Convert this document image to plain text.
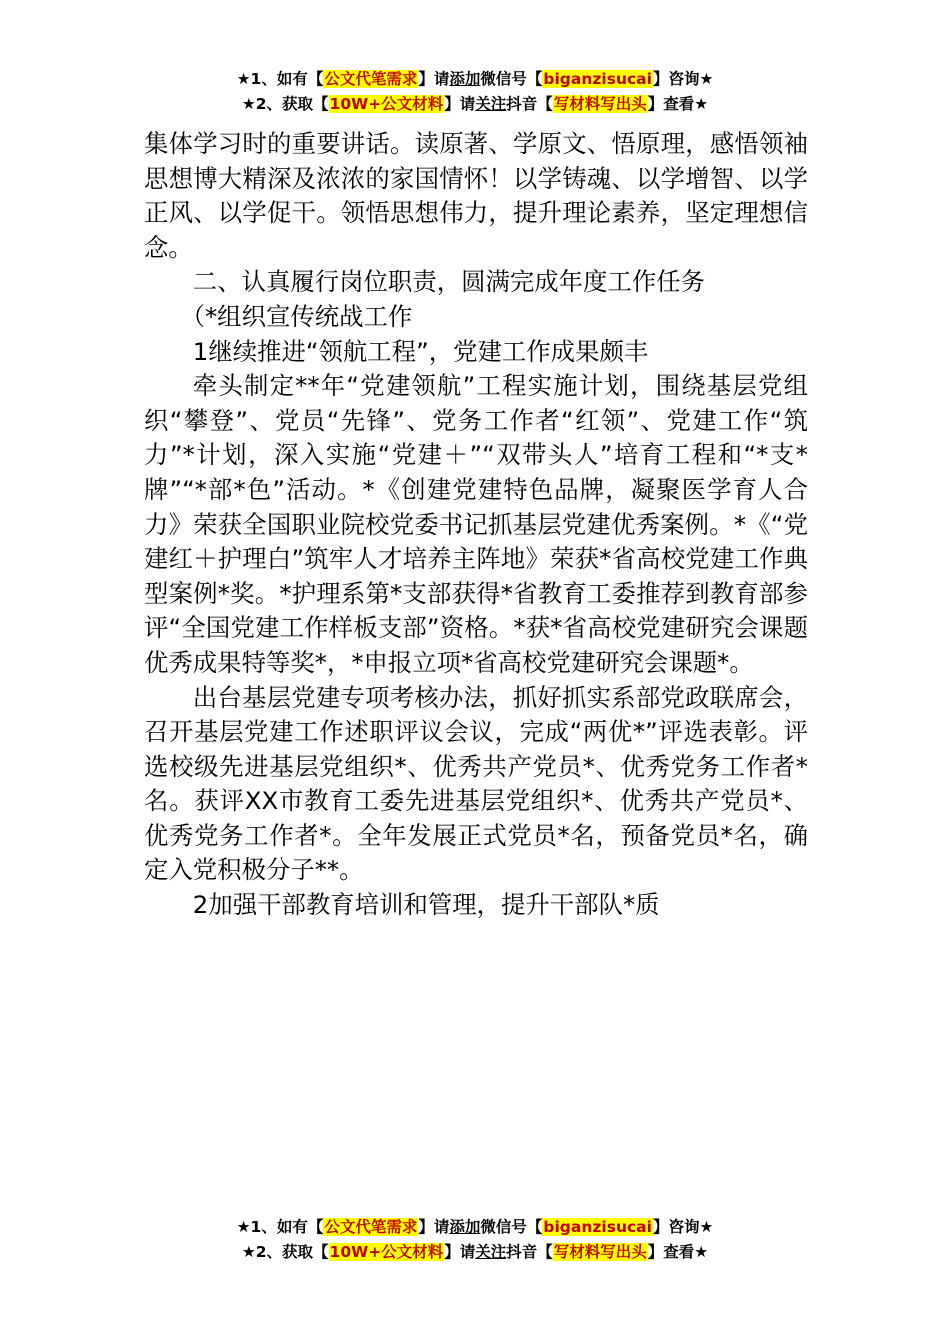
★1、如有【公文代笔需求】请添加微信号【biganzisucai】咨询★
★2、获取【10W+公文材料】请关注抖音【写材料写出头】查看★

集体学习时的重要讲话。读原著、学原文、悟原理，感悟领袖思想博大精深及浓浓的家国情怀！以学铸魂、以学增智、以学正风、以学促干。领悟思想伟力，提升理论素养，坚定理想信念。

二、认真履行岗位职责，圆满完成年度工作任务

（*组织宣传统战工作

1继续推进“领航工程”，党建工作成果颇丰

牵头制定**年“党建领航”工程实施计划，围绕基层党组织“攀登”、党员“先锋”、党务工作者“红领”、党建工作“筑力”*计划，深入实施“党建＋”“双带头人”培育工程和“*支*牌”“*部*色”活动。*《创建党建特色品牌，凝聚医学育人合力》荣获全国职业院校党委书记抓基层党建优秀案例。*《“党建红＋护理白”筑牢人才培养主阵地》荣获*省高校党建工作典型案例*奖。*护理系第*支部获得*省教育工委推荐到教育部参评“全国党建工作样板支部”资格。*获*省高校党建研究会课题优秀成果特等奖*，*申报立项*省高校党建研究会课题*。

出台基层党建专项考核办法，抓好抓实系部党政联席会，召开基层党建工作述职评议会议，完成“两优*”评选表彰。评选校级先进基层党组织*、优秀共产党员*、优秀党务工作者*名。获评XX市教育工委先进基层党组织*、优秀共产党员*、优秀党务工作者*。全年发展正式党员*名，预备党员*名，确定入党积极分子**。

2加强干部教育培训和管理，提升干部队*质

★1、如有【公文代笔需求】请添加微信号【biganzisucai】咨询★
★2、获取【10W+公文材料】请关注抖音【写材料写出头】查看★
